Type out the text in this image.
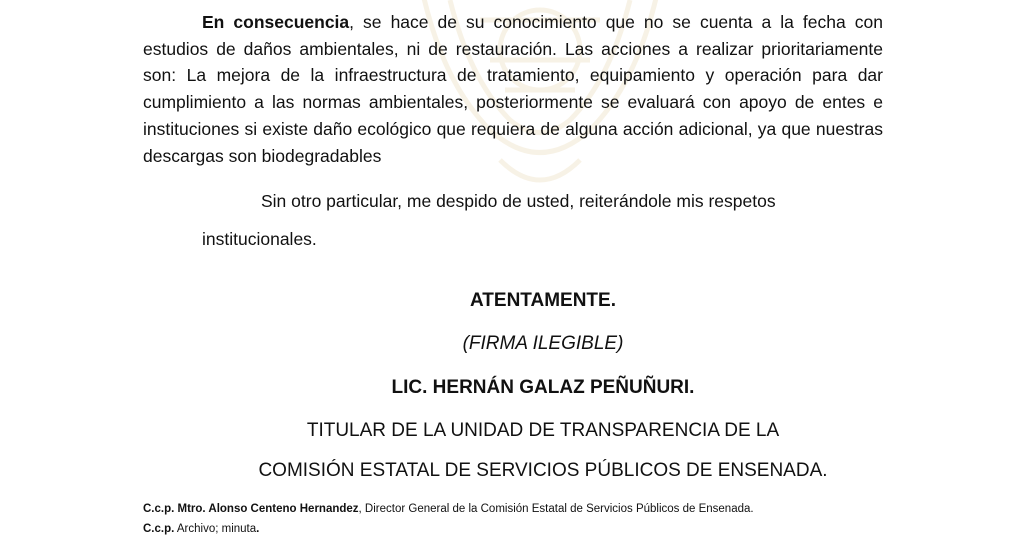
En consecuencia, se hace de su conocimiento que no se cuenta a la fecha con estudios de daños ambientales, ni de restauración. Las acciones a realizar prioritariamente son: La mejora de la infraestructura de tratamiento, equipamiento y operación para dar cumplimiento a las normas ambientales, posteriormente se evaluará con apoyo de entes e instituciones si existe daño ecológico que requiera de alguna acción adicional, ya que nuestras descargas son biodegradables

Sin otro particular, me despido de usted, reiterándole mis respetos
institucionales.

ATENTAMENTE.
(FIRMA ILEGIBLE)
LIC. HERNÁN GALAZ PEÑUÑURI.
TITULAR DE LA UNIDAD DE TRANSPARENCIA DE LA
COMISIÓN ESTATAL DE SERVICIOS PÚBLICOS DE ENSENADA.
C.c.p. Mtro. Alonso Centeno Hernandez, Director General de la Comisión Estatal de Servicios Públicos de Ensenada.
C.c.p. Archivo; minuta.
